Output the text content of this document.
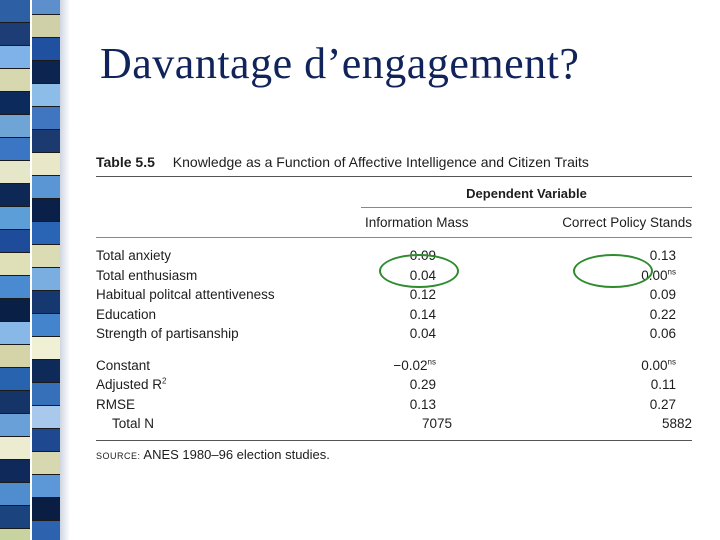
Davantage d’engagement?
Table 5.5 Knowledge as a Function of Affective Intelligence and Citizen Traits
Dependent Variable
Information Mass	Correct Policy Stands
Total anxiety	0.09	0.13
Total enthusiasm	0.04	$0.00^{ns}$
Habitual politcal attentiveness	0.12	0.09
Education	0.14	0.22
Strength of partisanship	0.04	0.06
Constant	$-0.02^{ns}$	$0.00^{ns}$
Adjusted $R^2$	0.29	0.11
RMSE	0.13	0.27
Total N	7075	5882
SOURCE: ANES 1980–96 election studies.
